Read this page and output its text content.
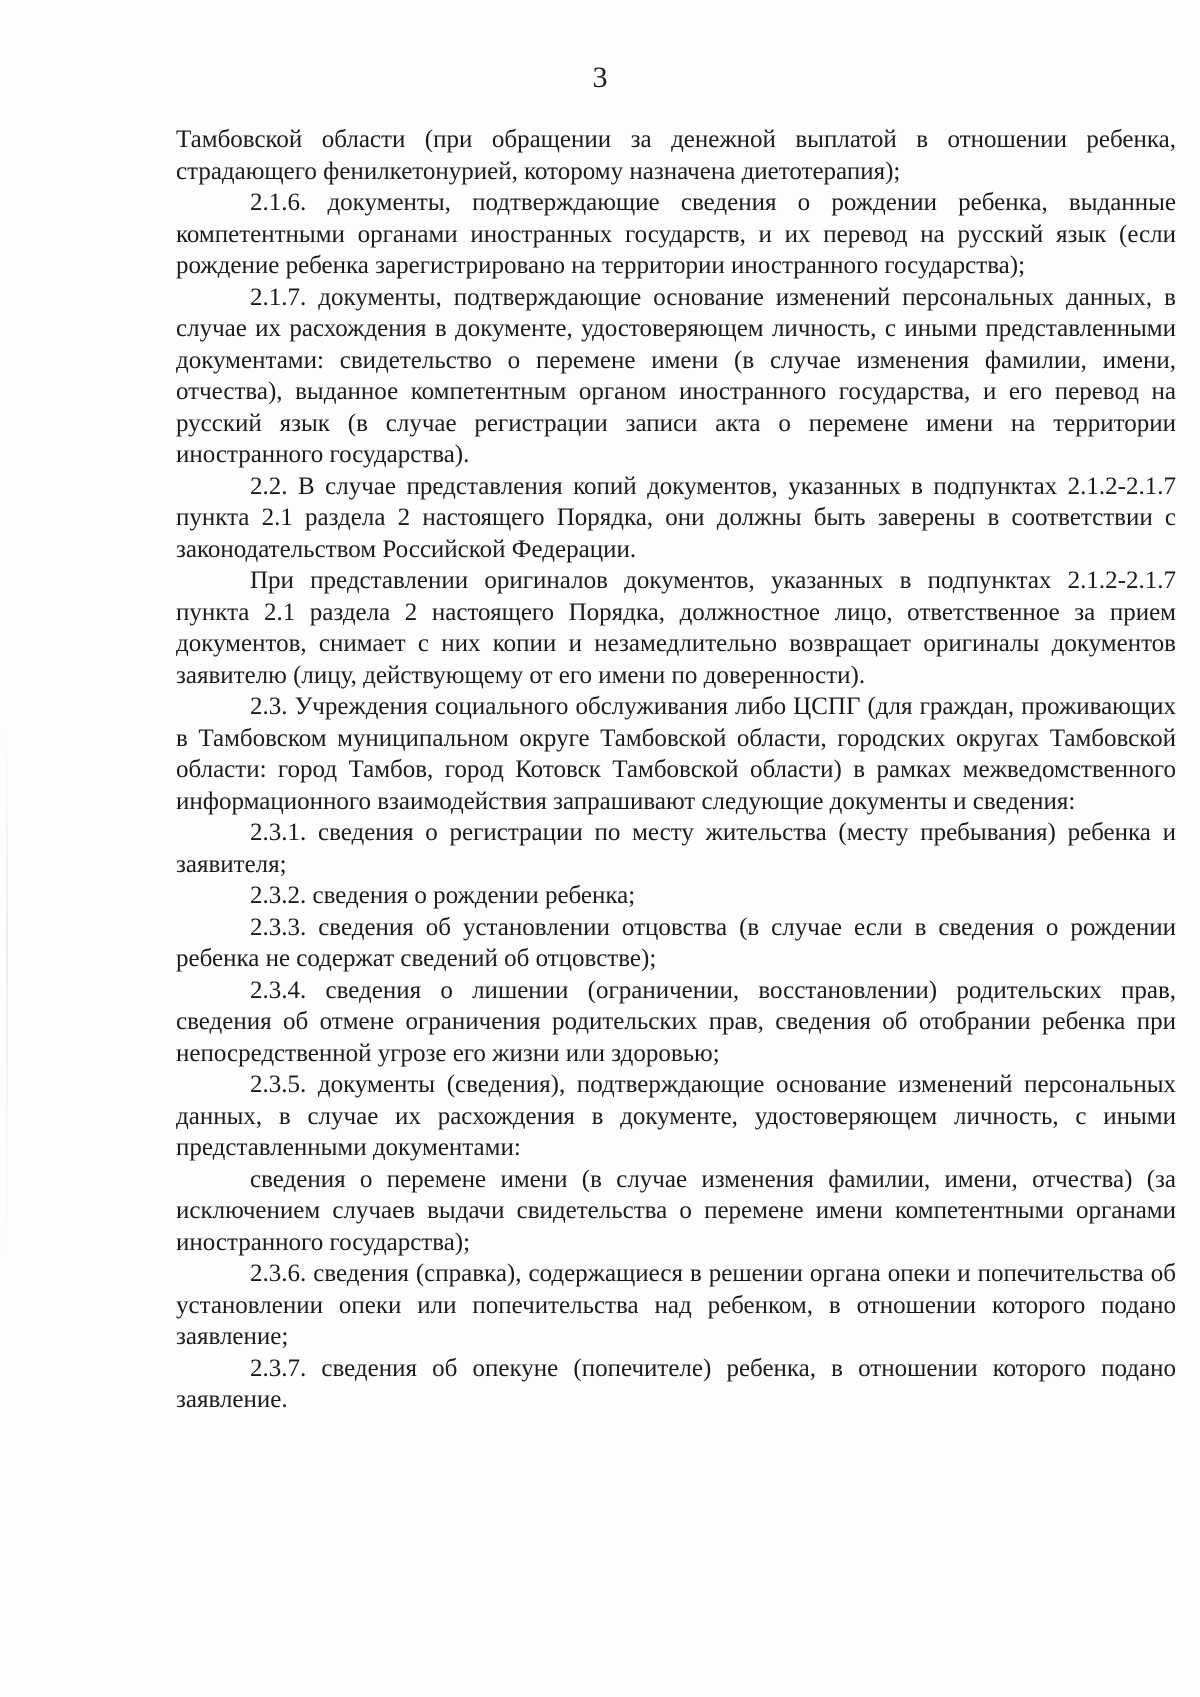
3

Тамбовской области (при обращении за денежной выплатой в отношении ребенка, страдающего фенилкетонурией, которому назначена диетотерапия);

2.1.6. документы, подтверждающие сведения о рождении ребенка, выданные компетентными органами иностранных государств, и их перевод на русский язык (если рождение ребенка зарегистрировано на территории иностранного государства);

2.1.7. документы, подтверждающие основание изменений персональных данных, в случае их расхождения в документе, удостоверяющем личность, с иными представленными документами: свидетельство о перемене имени (в случае изменения фамилии, имени, отчества), выданное компетентным органом иностранного государства, и его перевод на русский язык (в случае регистрации записи акта о перемене имени на территории иностранного государства).

2.2. В случае представления копий документов, указанных в подпунктах 2.1.2-2.1.7 пункта 2.1 раздела 2 настоящего Порядка, они должны быть заверены в соответствии с законодательством Российской Федерации.

При представлении оригиналов документов, указанных в подпунктах 2.1.2-2.1.7 пункта 2.1 раздела 2 настоящего Порядка, должностное лицо, ответственное за прием документов, снимает с них копии и незамедлительно возвращает оригиналы документов заявителю (лицу, действующему от его имени по доверенности).

2.3. Учреждения социального обслуживания либо ЦСПГ (для граждан, проживающих в Тамбовском муниципальном округе Тамбовской области, городских округах Тамбовской области: город Тамбов, город Котовск Тамбовской области) в рамках межведомственного информационного взаимодействия запрашивают следующие документы и сведения:

2.3.1. сведения о регистрации по месту жительства (месту пребывания) ребенка и заявителя;

2.3.2. сведения о рождении ребенка;

2.3.3. сведения об установлении отцовства (в случае если в сведения о рождении ребенка не содержат сведений об отцовстве);

2.3.4. сведения о лишении (ограничении, восстановлении) родительских прав, сведения об отмене ограничения родительских прав, сведения об отобрании ребенка при непосредственной угрозе его жизни или здоровью;

2.3.5. документы (сведения), подтверждающие основание изменений персональных данных, в случае их расхождения в документе, удостоверяющем личность, с иными представленными документами:

сведения о перемене имени (в случае изменения фамилии, имени, отчества) (за исключением случаев выдачи свидетельства о перемене имени компетентными органами иностранного государства);

2.3.6. сведения (справка), содержащиеся в решении органа опеки и попечительства об установлении опеки или попечительства над ребенком, в отношении которого подано заявление;

2.3.7. сведения об опекуне (попечителе) ребенка, в отношении которого подано заявление.
